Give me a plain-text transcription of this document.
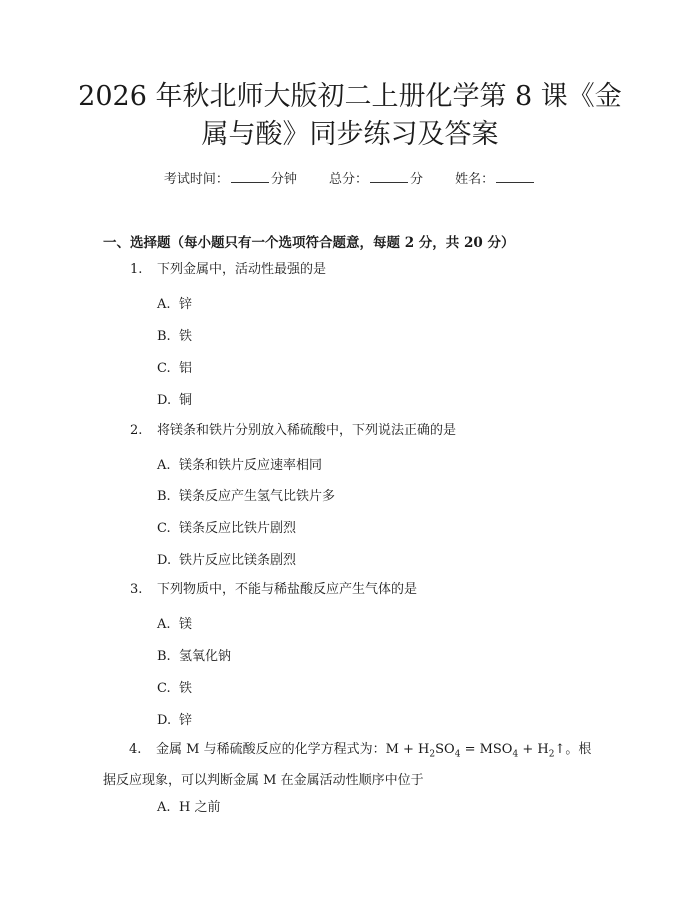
2026 年秋北师大版初二上册化学第 8 课《金
属与酸》同步练习及答案
考试时间：	分钟 总分：	分 姓名：
一、选择题（每小题只有一个选项符合题意，每题 2 分，共 20 分）
1. 下列金属中，活动性最强的是
A. 锌
B. 铁
C. 铝
D. 铜
2. 将镁条和铁片分别放入稀硫酸中，下列说法正确的是
A. 镁条和铁片反应速率相同
B. 镁条反应产生氢气比铁片多
C. 镁条反应比铁片剧烈
D. 铁片反应比镁条剧烈
3. 下列物质中，不能与稀盐酸反应产生气体的是
A. 镁
B. 氢氧化钠
C. 铁
D. 锌
4. 金属 M 与稀硫酸反应的化学方程式为：$M + H_2SO_4 = MSO_4$ + $H_2↑$。根据反应现象，可以判断金属 M 在金属活动性顺序中位于
A. H 之前
